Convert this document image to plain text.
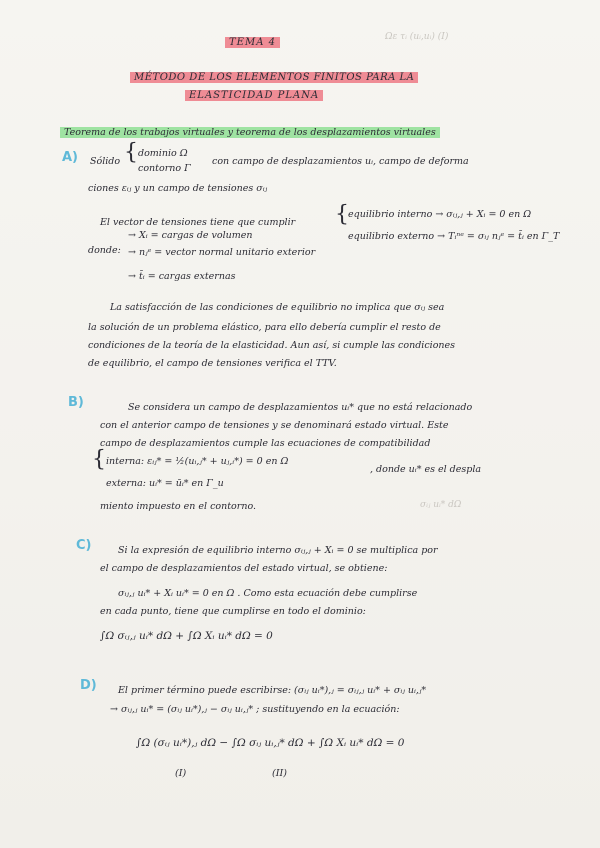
Ωε τᵢ (uᵢ,uᵢ) (I)
σᵢⱼ uᵢ* dΩ
TEMA 4
MÉTODO DE LOS ELEMENTOS FINITOS PARA LA
ELASTICIDAD PLANA
Teorema de los trabajos virtuales y teorema de los desplazamientos virtuales
A) Sólido { dominio Ω
contorno Γ
con campo de desplazamientos uᵢ, campo de deforma
ciones εᵢⱼ y un campo de tensiones σᵢⱼ
El vector de tensiones tiene que cumplir { equilibrio interno → σᵢⱼ,ⱼ + Xᵢ = 0 en Ω
equilibrio externo → Tᵢⁿᵉ = σᵢⱼ nⱼᵉ = t̄ᵢ en Γ_T
donde:
→ Xᵢ = cargas de volumen
→ nⱼᵉ = vector normal unitario exterior
→ t̄ᵢ = cargas externas
La satisfacción de las condiciones de equilibrio no implica que σᵢⱼ sea
la solución de un problema elástico, para ello debería cumplir el resto de
condiciones de la teoría de la elasticidad. Aun así, si cumple las condiciones
de equilibrio, el campo de tensiones verifica el TTV.
B)	Se considera un campo de desplazamientos uᵢ* que no está relacionado
con el anterior campo de tensiones y se denominará estado virtual. Este
campo de desplazamientos cumple las ecuaciones de compatibilidad
{ interna: εᵢⱼ* = ½(uᵢ,ⱼ* + uⱼ,ᵢ*) = 0 en Ω
, donde uᵢ* es el despla
externa: uᵢ* = ūᵢ* en Γ_u
miento impuesto en el contorno.
C)	Si la expresión de equilibrio interno σᵢⱼ,ⱼ + Xᵢ = 0 se multiplica por
el campo de desplazamientos del estado virtual, se obtiene:
σᵢⱼ,ⱼ uᵢ* + Xᵢ uᵢ* = 0 en Ω . Como esta ecuación debe cumplirse
en cada punto, tiene que cumplirse en todo el dominio:
∫Ω σᵢⱼ,ⱼ uᵢ* dΩ + ∫Ω Xᵢ uᵢ* dΩ = 0
D) El primer término puede escribirse: (σᵢⱼ uᵢ*),ⱼ = σᵢⱼ,ⱼ uᵢ* + σᵢⱼ uᵢ,ⱼ*
→ σᵢⱼ,ⱼ uᵢ* = (σᵢⱼ uᵢ*),ⱼ − σᵢⱼ uᵢ,ⱼ* ; sustituyendo en la ecuación:
∫Ω (σᵢⱼ uᵢ*),ⱼ dΩ − ∫Ω σᵢⱼ uᵢ,ⱼ* dΩ + ∫Ω Xᵢ uᵢ* dΩ = 0
(I)	(II)
